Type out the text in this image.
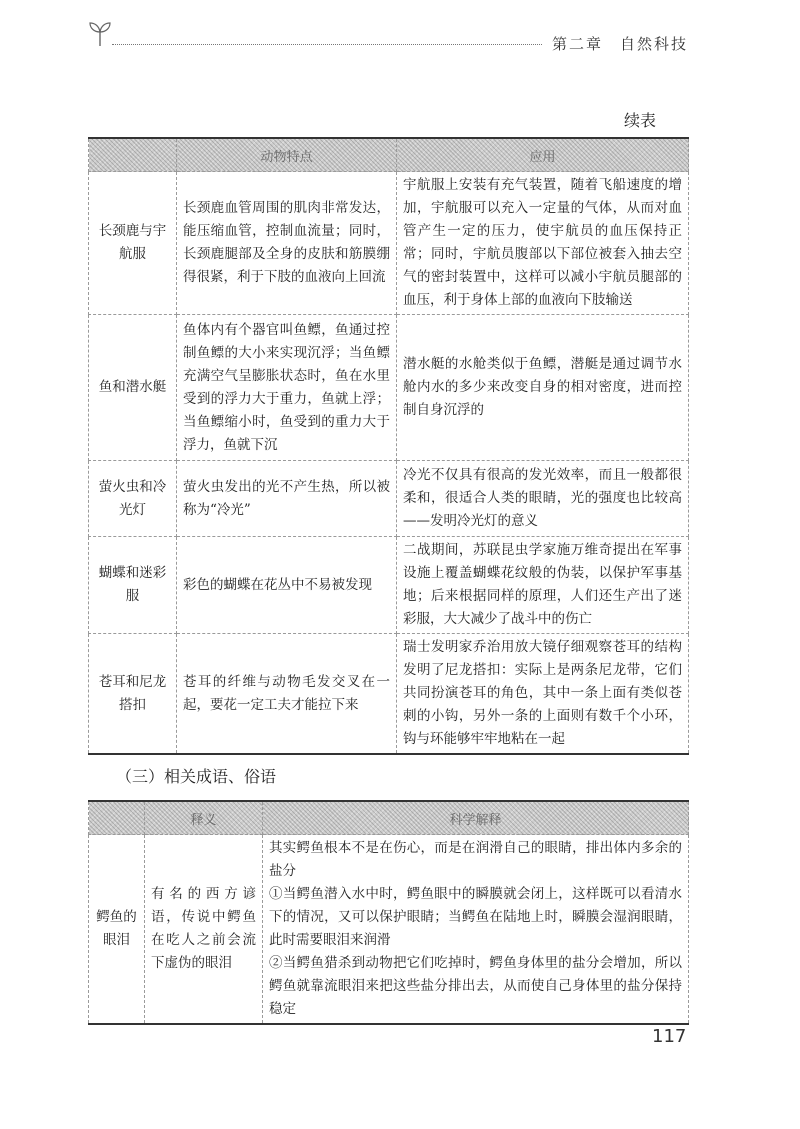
第二章　自然科技
续表
	动物特点	应用
长颈鹿与宇航服	长颈鹿血管周围的肌肉非常发达，能压缩血管，控制血流量；同时，长颈鹿腿部及全身的皮肤和筋膜绷得很紧，利于下肢的血液向上回流	宇航服上安装有充气装置，随着飞船速度的增加，宇航服可以充入一定量的气体，从而对血管产生一定的压力，使宇航员的血压保持正常；同时，宇航员腹部以下部位被套入抽去空气的密封装置中，这样可以减小宇航员腿部的血压，利于身体上部的血液向下肢输送
鱼和潜水艇	鱼体内有个器官叫鱼鳔，鱼通过控制鱼鳔的大小来实现沉浮；当鱼鳔充满空气呈膨胀状态时，鱼在水里受到的浮力大于重力，鱼就上浮；当鱼鳔缩小时，鱼受到的重力大于浮力，鱼就下沉	潜水艇的水舱类似于鱼鳔，潜艇是通过调节水舱内水的多少来改变自身的相对密度，进而控制自身沉浮的
萤火虫和冷光灯	萤火虫发出的光不产生热，所以被称为“冷光”	冷光不仅具有很高的发光效率，而且一般都很柔和，很适合人类的眼睛，光的强度也比较高——发明冷光灯的意义
蝴蝶和迷彩服	彩色的蝴蝶在花丛中不易被发现	二战期间，苏联昆虫学家施万维奇提出在军事设施上覆盖蝴蝶花纹般的伪装，以保护军事基地；后来根据同样的原理，人们还生产出了迷彩服，大大减少了战斗中的伤亡
苍耳和尼龙搭扣	苍耳的纤维与动物毛发交叉在一起，要花一定工夫才能拉下来	瑞士发明家乔治用放大镜仔细观察苍耳的结构发明了尼龙搭扣：实际上是两条尼龙带，它们共同扮演苍耳的角色，其中一条上面有类似苍刺的小钩，另外一条的上面则有数千个小环，钩与环能够牢牢地粘在一起
（三）相关成语、俗语
	释义	科学解释
鳄鱼的眼泪	有名的西方谚语，传说中鳄鱼在吃人之前会流下虚伪的眼泪	其实鳄鱼根本不是在伤心，而是在润滑自己的眼睛，排出体内多余的盐分
①当鳄鱼潜入水中时，鳄鱼眼中的瞬膜就会闭上，这样既可以看清水下的情况，又可以保护眼睛；当鳄鱼在陆地上时，瞬膜会湿润眼睛，此时需要眼泪来润滑
②当鳄鱼猎杀到动物把它们吃掉时，鳄鱼身体里的盐分会增加，所以鳄鱼就靠流眼泪来把这些盐分排出去，从而使自己身体里的盐分保持稳定
117
